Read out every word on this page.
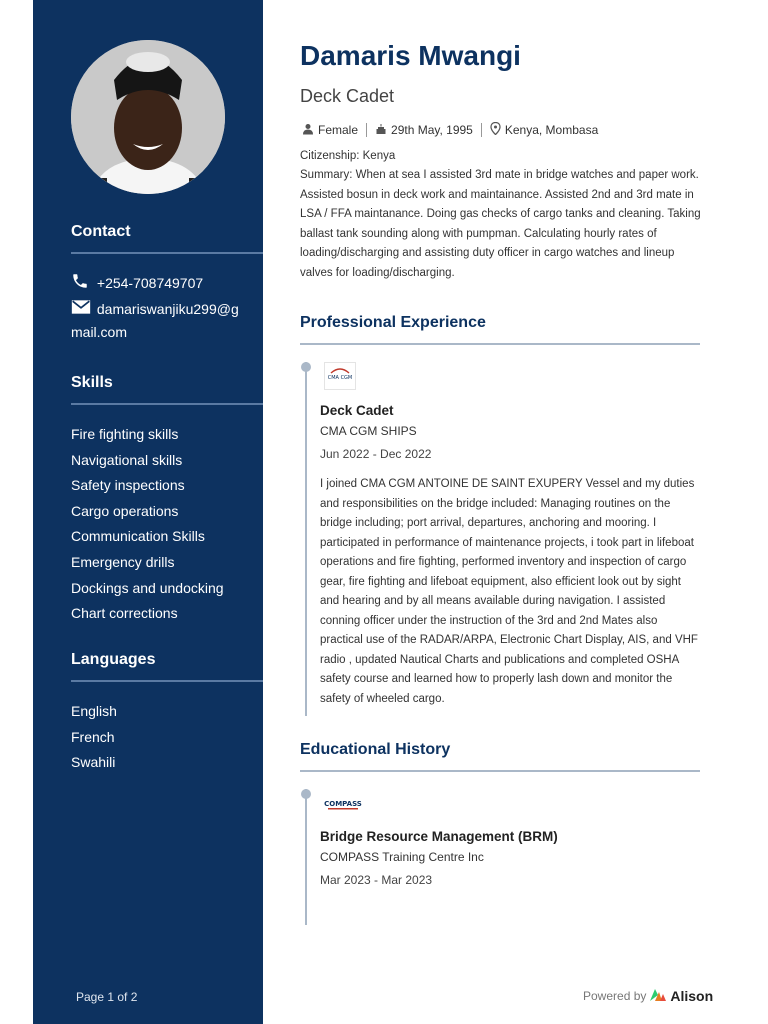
Contact
+254-708749707
damariswanjiku299@g
mail.com
Skills
Fire fighting skills
Navigational skills
Safety inspections
Cargo operations
Communication Skills
Emergency drills
Dockings and undocking
Chart corrections
Languages
English
French
Swahili
Page 1 of 2
Damaris Mwangi
Deck Cadet
Female	29th May, 1995	Kenya, Mombasa
Citizenship: Kenya
Summary: When at sea I assisted 3rd mate in bridge watches and paper work. Assisted bosun in deck work and maintainance. Assisted 2nd and 3rd mate in LSA / FFA maintanance. Doing gas checks of cargo tanks and cleaning. Taking ballast tank sounding along with pumpman. Calculating hourly rates of loading/discharging and assisting duty officer in cargo watches and lineup valves for loading/discharging.
Professional Experience
CMA CGM
Deck Cadet
CMA CGM SHIPS
Jun 2022 - Dec 2022
I joined CMA CGM ANTOINE DE SAINT EXUPERY Vessel and my duties and responsibilities on the bridge included: Managing routines on the bridge including; port arrival, departures, anchoring and mooring. I participated in performance of maintenance projects, i took part in lifeboat operations and fire fighting, performed inventory and inspection of cargo gear, fire fighting and lifeboat equipment, also efficient look out by sight and hearing and by all means available during navigation. I assisted conning officer under the instruction of the 3rd and 2nd Mates also practical use of the RADAR/ARPA, Electronic Chart Display, AIS, and VHF radio , updated Nautical Charts and publications and completed OSHA safety course and learned how to properly lash down and monitor the safety of wheeled cargo.
Educational History
COMPASS
Bridge Resource Management (BRM)
COMPASS Training Centre Inc
Mar 2023 - Mar 2023
Powered by Alison
